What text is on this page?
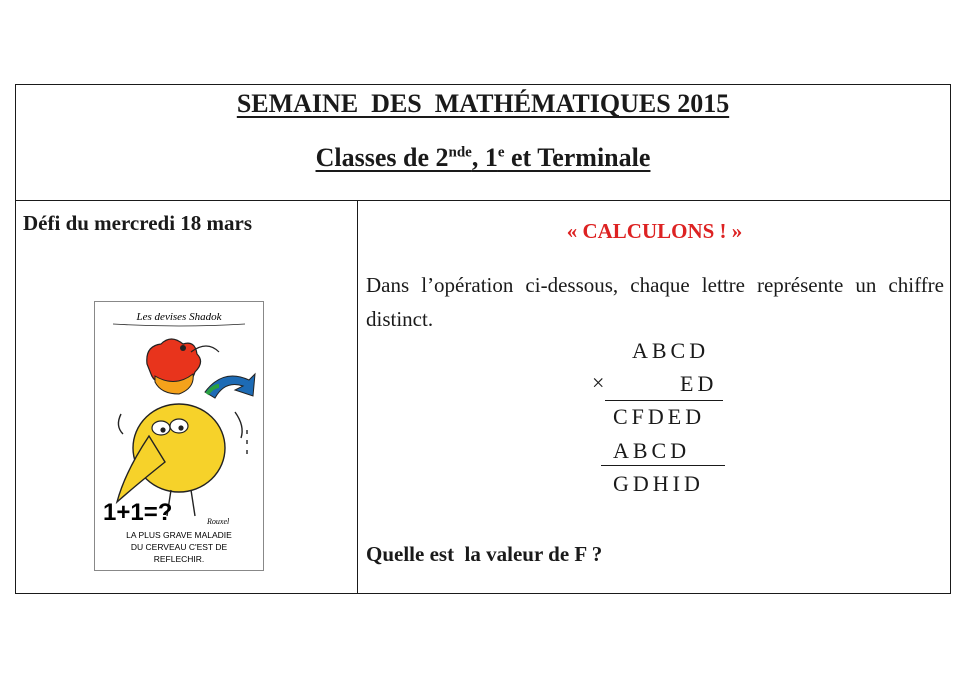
SEMAINE  DES  MATHÉMATIQUES 2015
Classes de 2nde, 1e et Terminale
Défi du mercredi 18 mars
Les devises Shadok
1+1=?	Rouxel
LA PLUS GRAVE MALADIE
DU CERVEAU C'EST DE
REFLECHIR.
« CALCULONS ! »
Dans l’opération ci-dessous, chaque lettre représente un chiffre distinct.
ABCD
×	ED
CFDED
ABCD
GDHID
Quelle est  la valeur de F ?
